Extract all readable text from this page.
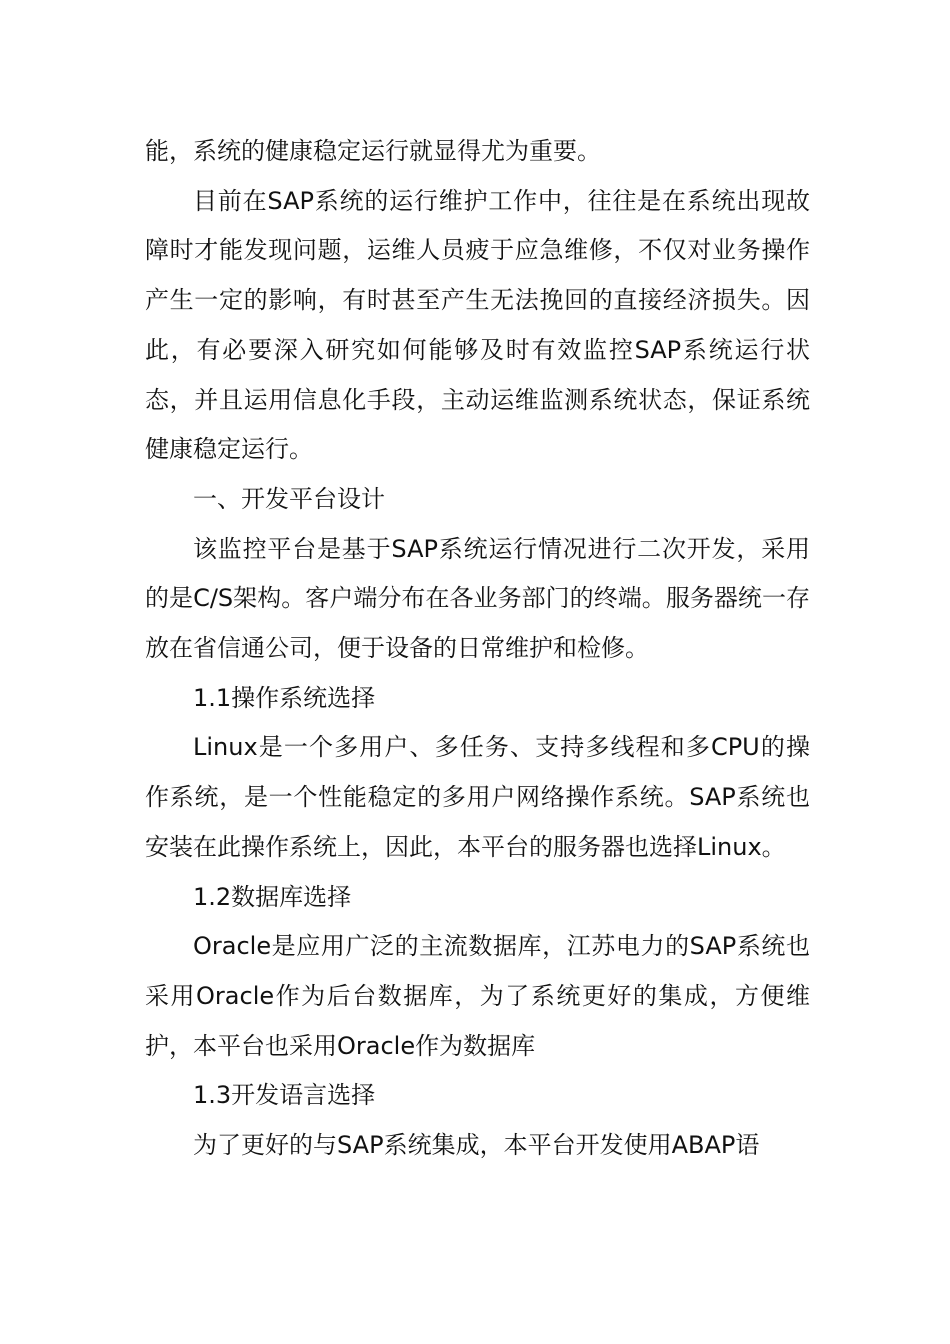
能，系统的健康稳定运行就显得尤为重要。

目前在SAP系统的运行维护工作中，往往是在系统出现故障时才能发现问题，运维人员疲于应急维修，不仅对业务操作产生一定的影响，有时甚至产生无法挽回的直接经济损失。因此，有必要深入研究如何能够及时有效监控SAP系统运行状态，并且运用信息化手段，主动运维监测系统状态，保证系统健康稳定运行。

一、开发平台设计

该监控平台是基于SAP系统运行情况进行二次开发，采用的是C/S架构。客户端分布在各业务部门的终端。服务器统一存放在省信通公司，便于设备的日常维护和检修。

1.1操作系统选择

Linux是一个多用户、多任务、支持多线程和多CPU的操作系统，是一个性能稳定的多用户网络操作系统。SAP系统也安装在此操作系统上，因此，本平台的服务器也选择Linux。

1.2数据库选择

Oracle是应用广泛的主流数据库，江苏电力的SAP系统也采用Oracle作为后台数据库，为了系统更好的集成，方便维护，本平台也采用Oracle作为数据库

1.3开发语言选择

为了更好的与SAP系统集成，本平台开发使用ABAP语
